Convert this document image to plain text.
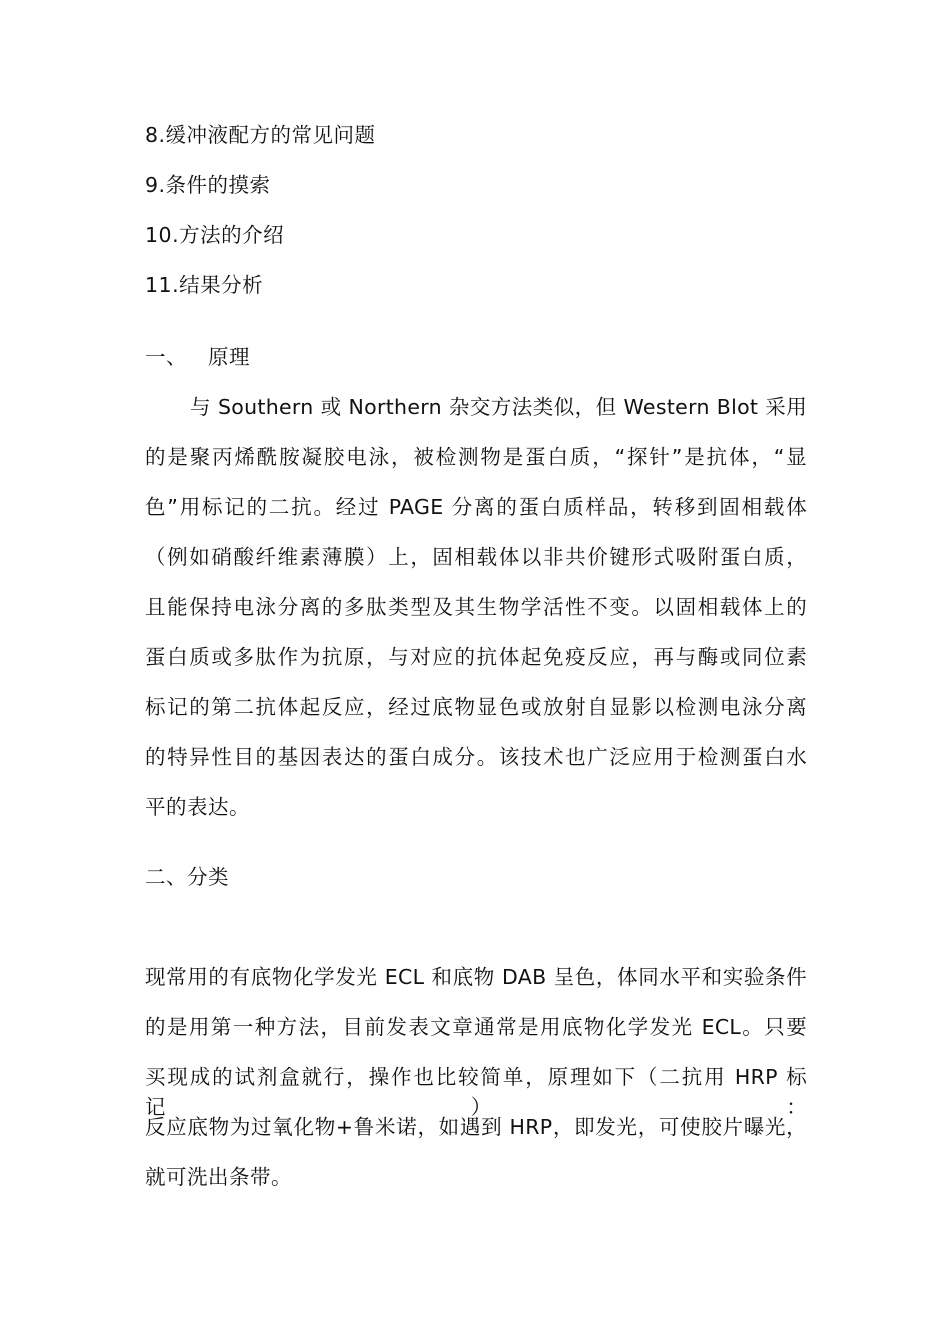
8.缓冲液配方的常见问题
9.条件的摸索
10.方法的介绍
11.结果分析
一、   原理
与 Southern 或 Northern 杂交方法类似，但 Western Blot 采用
的是聚丙烯酰胺凝胶电泳，被检测物是蛋白质，“探针”是抗体，“显
色”用标记的二抗。经过 PAGE 分离的蛋白质样品，转移到固相载体
（例如硝酸纤维素薄膜）上，固相载体以非共价键形式吸附蛋白质，
且能保持电泳分离的多肽类型及其生物学活性不变。以固相载体上的
蛋白质或多肽作为抗原，与对应的抗体起免疫反应，再与酶或同位素
标记的第二抗体起反应，经过底物显色或放射自显影以检测电泳分离
的特异性目的基因表达的蛋白成分。该技术也广泛应用于检测蛋白水
平的表达。
二、分类
现常用的有底物化学发光 ECL 和底物 DAB 呈色，体同水平和实验条件
的是用第一种方法，目前发表文章通常是用底物化学发光 ECL。只要
买现成的试剂盒就行，操作也比较简单，原理如下（二抗用 HRP 标记）：
反应底物为过氧化物+鲁米诺，如遇到 HRP，即发光，可使胶片曝光，
就可洗出条带。
